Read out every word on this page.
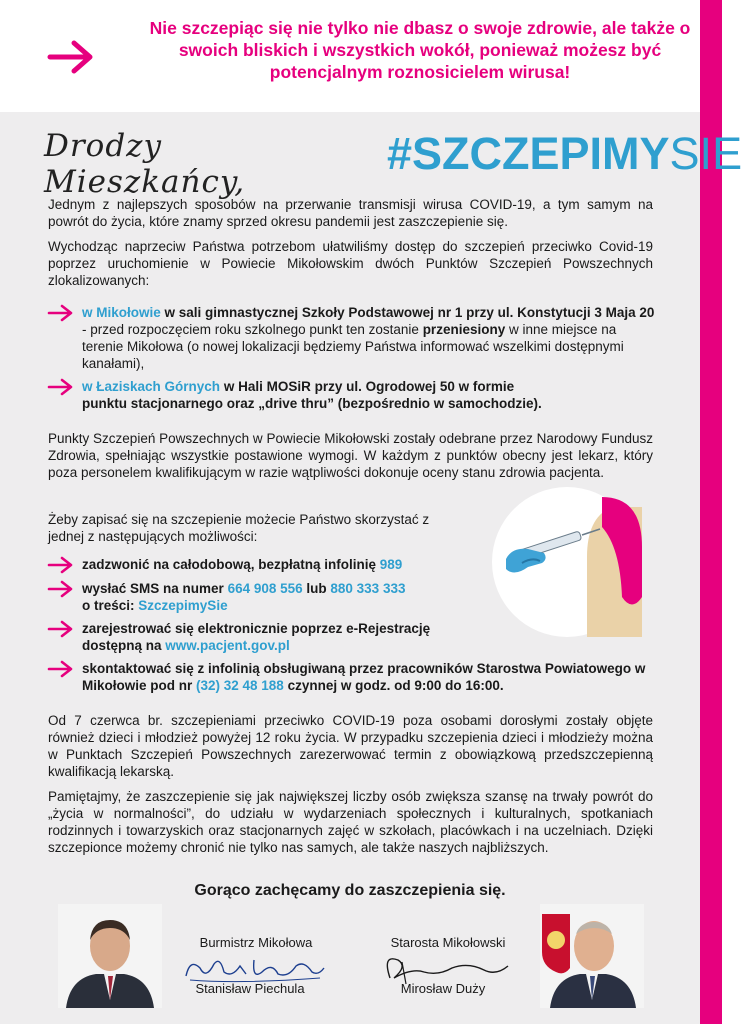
Nie szczepiąc się nie tylko nie dbasz o swoje zdrowie, ale także o swoich bliskich i wszystkich wokół, ponieważ możesz być potencjalnym roznosicielem wirusa!
Drodzy Mieszkańcy,
#SZCZEPIMYSIE

Jednym z najlepszych sposobów na przerwanie transmisji wirusa COVID-19, a tym samym na powrót do życia, które znamy sprzed okresu pandemii jest zaszczepienie się.

Wychodząc naprzeciw Państwa potrzebom ułatwiliśmy dostęp do szczepień przeciwko Covid-19 poprzez uruchomienie w Powiecie Mikołowskim dwóch Punktów Szczepień Powszechnych zlokalizowanych:

w Mikołowie w sali gimnastycznej Szkoły Podstawowej nr 1 przy ul. Konstytucji 3 Maja 20 - przed rozpoczęciem roku szkolnego punkt ten zostanie przeniesiony w inne miejsce na terenie Mikołowa (o nowej lokalizacji będziemy Państwa informować wszelkimi dostępnymi kanałami),
w Łaziskach Górnych w Hali MOSiR przy ul. Ogrodowej 50 w formie punktu stacjonarnego oraz „drive thru” (bezpośrednio w samochodzie).

Punkty Szczepień Powszechnych w Powiecie Mikołowski zostały odebrane przez Narodowy Fundusz Zdrowia, spełniając wszystkie postawione wymogi. W każdym z punktów obecny jest lekarz, który poza personelem kwalifikującym w razie wątpliwości dokonuje oceny stanu zdrowia pacjenta.

Żeby zapisać się na szczepienie możecie Państwo skorzystać z jednej z następujących możliwości:

zadzwonić na całodobową, bezpłatną infolinię 989
wysłać SMS na numer 664 908 556 lub 880 333 333
o treści: SzczepimySie
zarejestrować się elektronicznie poprzez e-Rejestrację
dostępną na www.pacjent.gov.pl
skontaktować się z infolinią obsługiwaną przez pracowników Starostwa Powiatowego w Mikołowie pod nr (32) 32 48 188 czynnej w godz. od 9:00 do 16:00.

Od 7 czerwca br. szczepieniami przeciwko COVID-19 poza osobami dorosłymi zostały objęte również dzieci i młodzież powyżej 12 roku życia. W przypadku szczepienia dzieci i młodzieży można w Punktach Szczepień Powszechnych zarezerwować termin z obowiązkową przedszczepienną kwalifikacją lekarską.

Pamiętajmy, że zaszczepienie się jak największej liczby osób zwiększa szansę na trwały powrót do „życia w normalności”, do udziału w wydarzeniach społecznych i kulturalnych, spotkaniach rodzinnych i towarzyskich oraz stacjonarnych zajęć w szkołach, placówkach i na uczelniach. Dzięki szczepionce możemy chronić nie tylko nas samych, ale także naszych najbliższych.

Gorąco zachęcamy do zaszczepienia się.
Burmistrz Mikołowa
Stanisław Piechula
Starosta Mikołowski
Mirosław Duży
